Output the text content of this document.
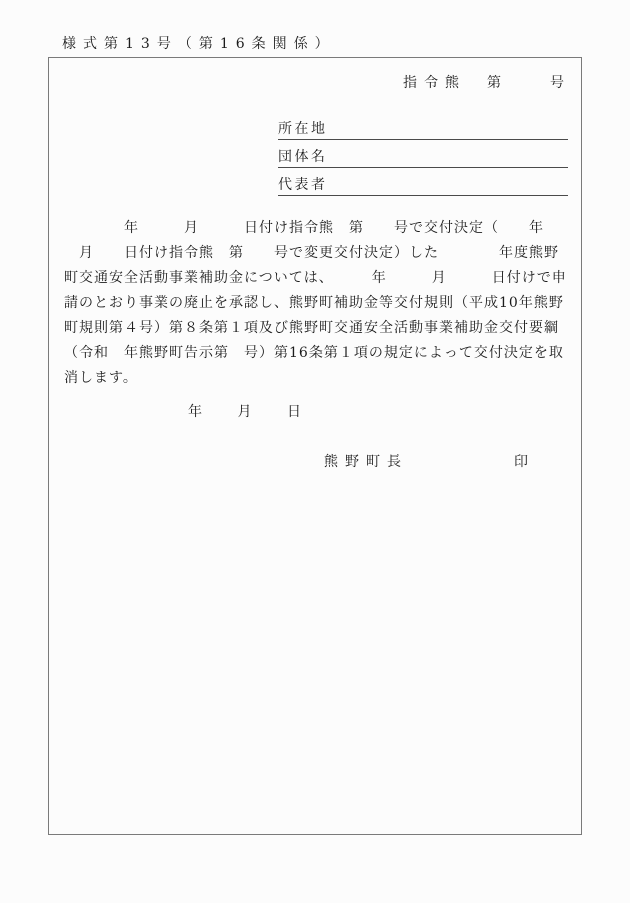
様式第13号（第16条関係）
指令熊　第　　号
所在地
団体名
代表者
　　　　年　　　月　　　日付け指令熊　第　　号で交付決定（　　年
　月　　日付け指令熊　第　　号で変更交付決定）した　　　　年度熊野
町交通安全活動事業補助金については、　　　年　　　月　　　日付けで申
請のとおり事業の廃止を承認し、熊野町補助金等交付規則（平成10年熊野
町規則第４号）第８条第１項及び熊野町交通安全活動事業補助金交付要綱
（令和　年熊野町告示第　号）第16条第１項の規定によって交付決定を取
消します。
年　　月　　日
熊野町長	印
